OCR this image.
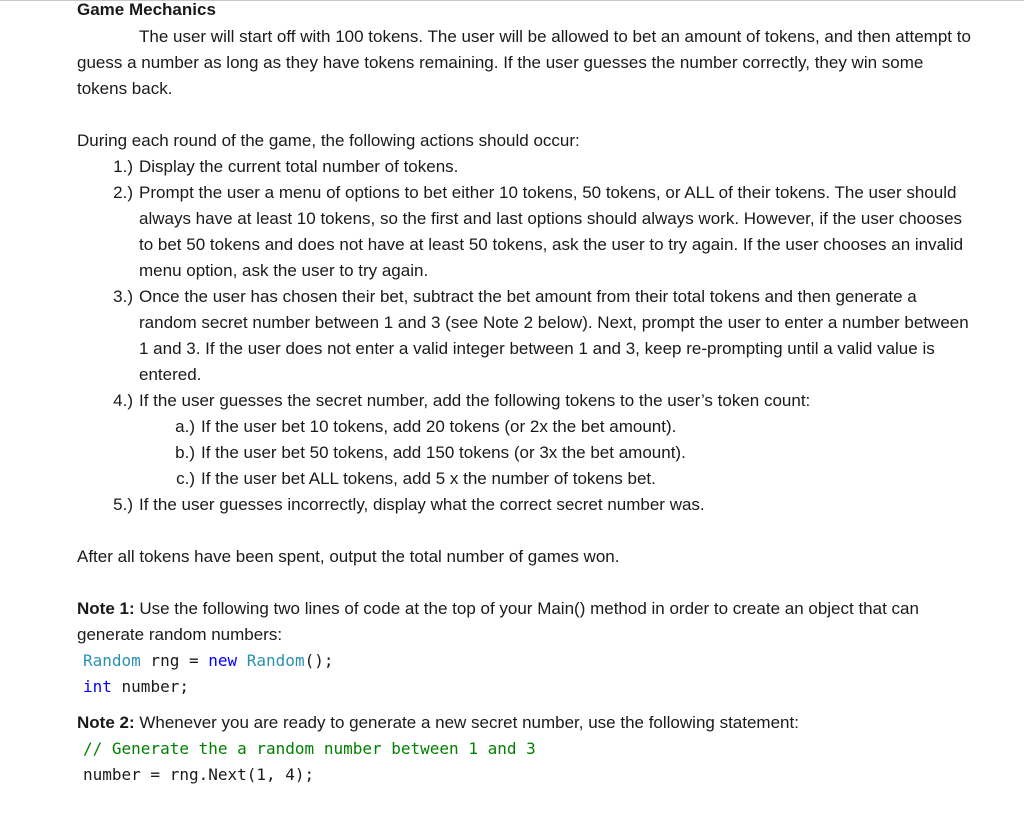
Game Mechanics

The user will start off with 100 tokens. The user will be allowed to bet an amount of tokens, and then attempt to guess a number as long as they have tokens remaining. If the user guesses the number correctly, they win some tokens back.

During each round of the game, the following actions should occur:

1.) Display the current total number of tokens.
2.) Prompt the user a menu of options to bet either 10 tokens, 50 tokens, or ALL of their tokens. The user should always have at least 10 tokens, so the first and last options should always work. However, if the user chooses to bet 50 tokens and does not have at least 50 tokens, ask the user to try again. If the user chooses an invalid menu option, ask the user to try again.
3.) Once the user has chosen their bet, subtract the bet amount from their total tokens and then generate a random secret number between 1 and 3 (see Note 2 below). Next, prompt the user to enter a number between 1 and 3. If the user does not enter a valid integer between 1 and 3, keep re-prompting until a valid value is entered.
4.) If the user guesses the secret number, add the following tokens to the user’s token count:
a.) If the user bet 10 tokens, add 20 tokens (or 2x the bet amount).
b.) If the user bet 50 tokens, add 150 tokens (or 3x the bet amount).
c.) If the user bet ALL tokens, add 5 x the number of tokens bet.
5.) If the user guesses incorrectly, display what the correct secret number was.

After all tokens have been spent, output the total number of games won.

Note 1: Use the following two lines of code at the top of your Main() method in order to create an object that can generate random numbers:

Random rng = new Random();
int number;

Note 2: Whenever you are ready to generate a new secret number, use the following statement:

// Generate the a random number between 1 and 3
number = rng.Next(1, 4);
